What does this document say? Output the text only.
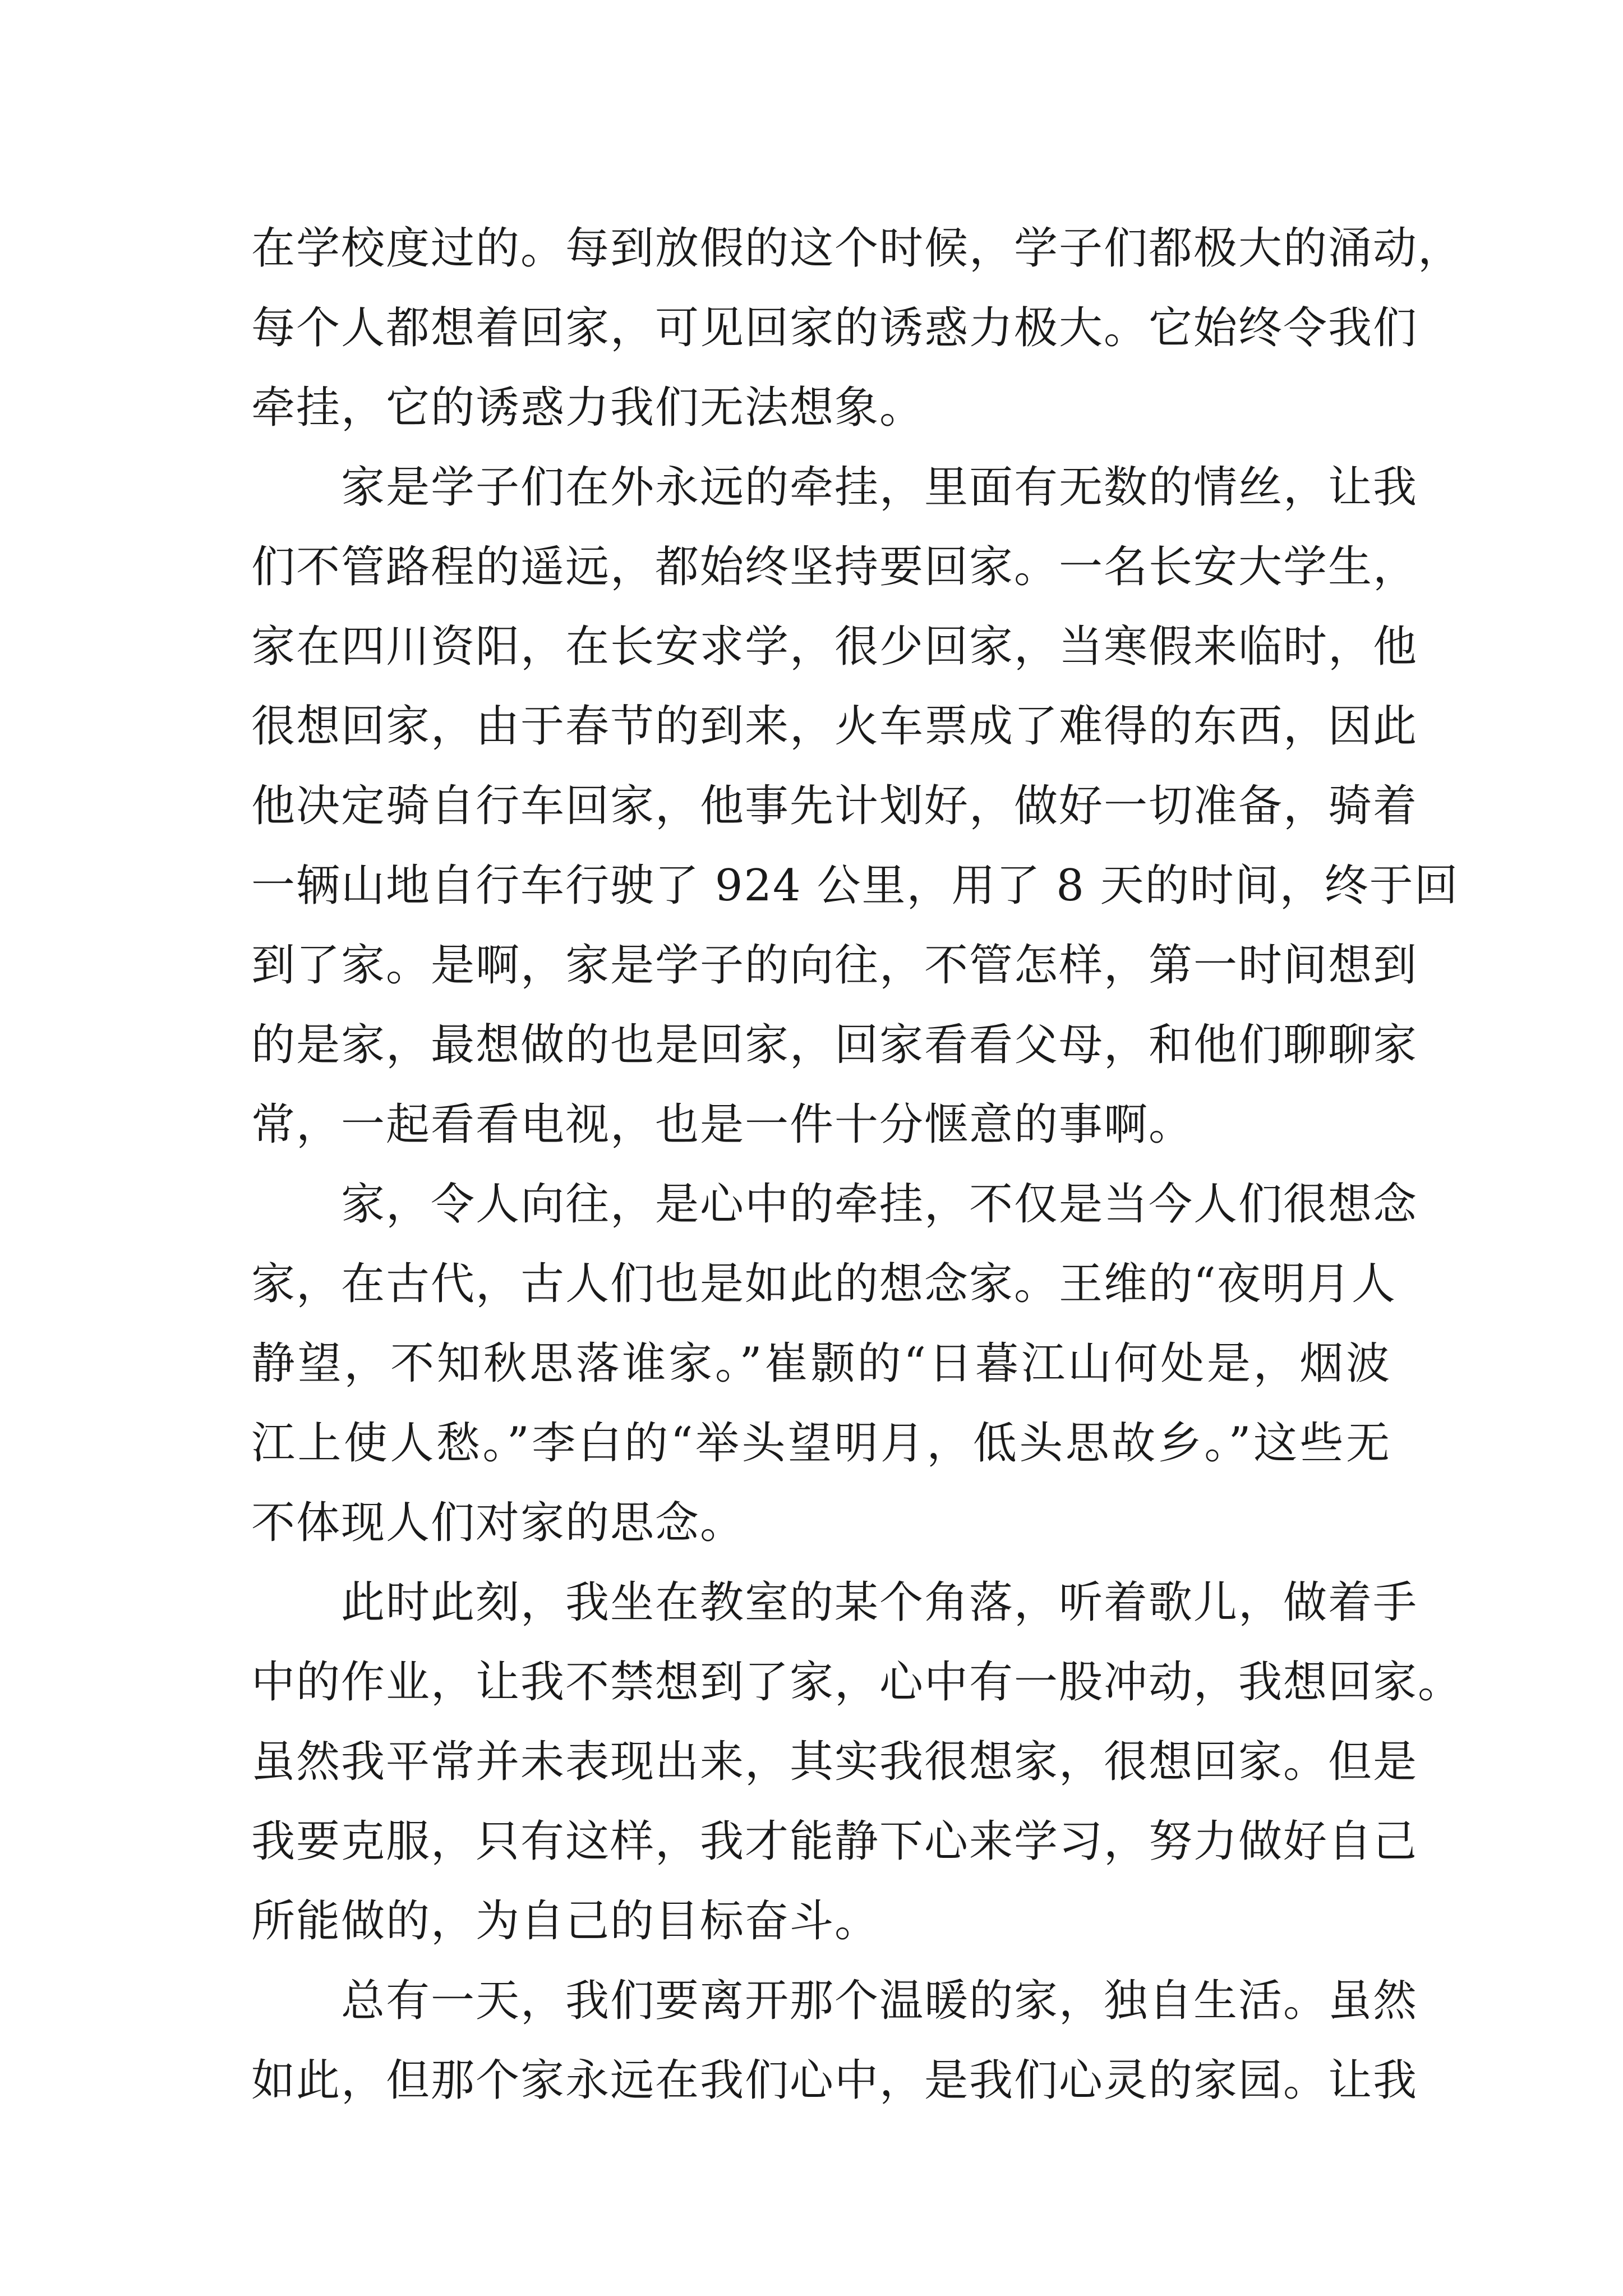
在学校度过的。每到放假的这个时候，学子们都极大的涌动，
每个人都想着回家，可见回家的诱惑力极大。它始终令我们
牵挂，它的诱惑力我们无法想象。
家是学子们在外永远的牵挂，里面有无数的情丝，让我
们不管路程的遥远，都始终坚持要回家。一名长安大学生，
家在四川资阳，在长安求学，很少回家，当寒假来临时，他
很想回家，由于春节的到来，火车票成了难得的东西，因此
他决定骑自行车回家，他事先计划好，做好一切准备，骑着
一辆山地自行车行驶了 924 公里，用了 8 天的时间，终于回
到了家。是啊，家是学子的向往，不管怎样，第一时间想到
的是家，最想做的也是回家，回家看看父母，和他们聊聊家
常，一起看看电视，也是一件十分惬意的事啊。
家，令人向往，是心中的牵挂，不仅是当今人们很想念
家，在古代，古人们也是如此的想念家。王维的“夜明月人
静望，不知秋思落谁家。”崔颢的“日暮江山何处是，烟波
江上使人愁。”李白的“举头望明月，低头思故乡。”这些无
不体现人们对家的思念。
此时此刻，我坐在教室的某个角落，听着歌儿，做着手
中的作业，让我不禁想到了家，心中有一股冲动，我想回家。
虽然我平常并未表现出来，其实我很想家，很想回家。但是
我要克服，只有这样，我才能静下心来学习，努力做好自己
所能做的，为自己的目标奋斗。
总有一天，我们要离开那个温暖的家，独自生活。虽然
如此，但那个家永远在我们心中，是我们心灵的家园。让我
